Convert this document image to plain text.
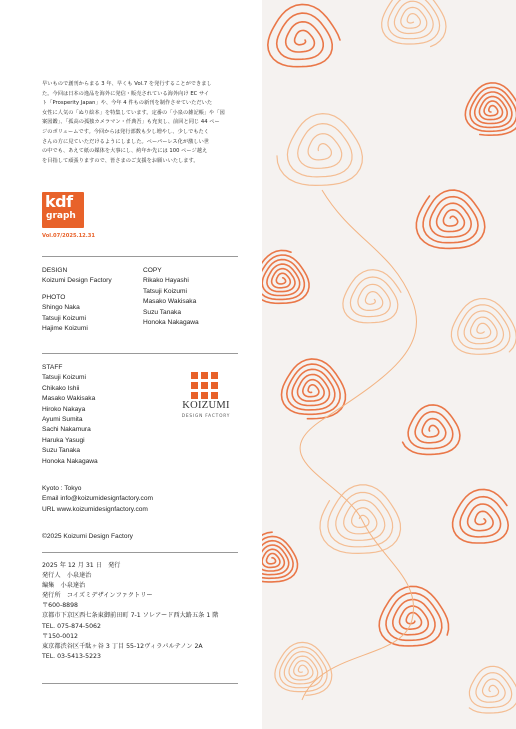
早いもので創刊からまる 3 年、早くも Vol.7 を発行することができまし

た。今回は日本の逸品を海外に発信・販売されている海外向け EC サイ

ト「Prosperity Japan」や、今年 4 件もの新刊を制作させていただいた

女性に人気の「ぬり絵本」を特集しています。定番の「小泉の雑記帳」や「図

案図鑑」、「孤高の孤独カメラマン・仟典吾」も充実し、前回と同じ 44 ペー

ジのボリュームです。今回からは発行部数も少し増やし、少しでもたく

さんの方に見ていただけるようにしました。ペーパーレス化が激しい世

の中でも、あえて紙の媒体を大事にし、約年か先には 100 ページ越え

を目指して頑張りますので、皆さまのご支援をお願いいたします。

kdf
graph
Vol.07/2025.12.31
DESIGN
Koizumi Design Factory
PHOTO
Shingo Naka
Tatsuji Koizumi
Hajime Koizumi
COPY
Rikako Hayashi
Tatsuji Koizumi
Masako Wakisaka
Suzu Tanaka
Honoka Nakagawa
STAFF
Tatsuji Koizumi
Chikako Ishii
Masako Wakisaka
Hiroko Nakaya
Ayumi Sumita
Sachi Nakamura
Haruka Yasugi
Suzu Tanaka
Honoka Nakagawa
KOIZUMI
DESIGN FACTORY
Kyoto : Tokyo
Email info@koizumidesignfactory.com
URL www.koizumidesignfactory.com
©2025 Koizumi Design Factory
2025 年 12 月 31 日　発行
発行人　小泉達治
編集　小泉達治
発行所　コイズミデザインファクトリー
〒600-8898
京都市下京区西七条東御前田町 7-1 ソレアード西大路五条 1 階
TEL. 075-874-5062
〒150-0012
東京都渋谷区千駄ヶ谷 3 丁目 55-12ヴィラパルテノン 2A
TEL. 03-5413-5223
